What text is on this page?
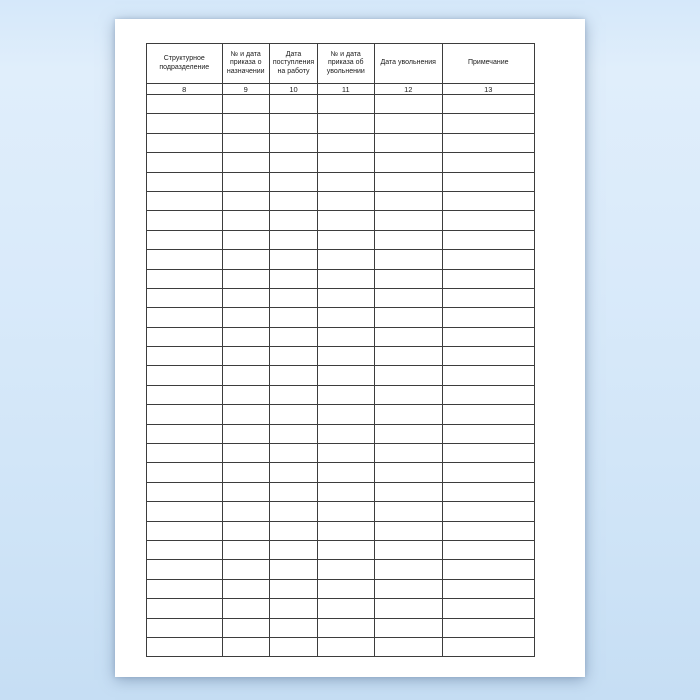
Структурное подразделение	№ и дата приказа о назначении	Дата поступления на работу	№ и дата приказа об увольнении	Дата увольнения	Примечание
8	9	10	11	12	13
